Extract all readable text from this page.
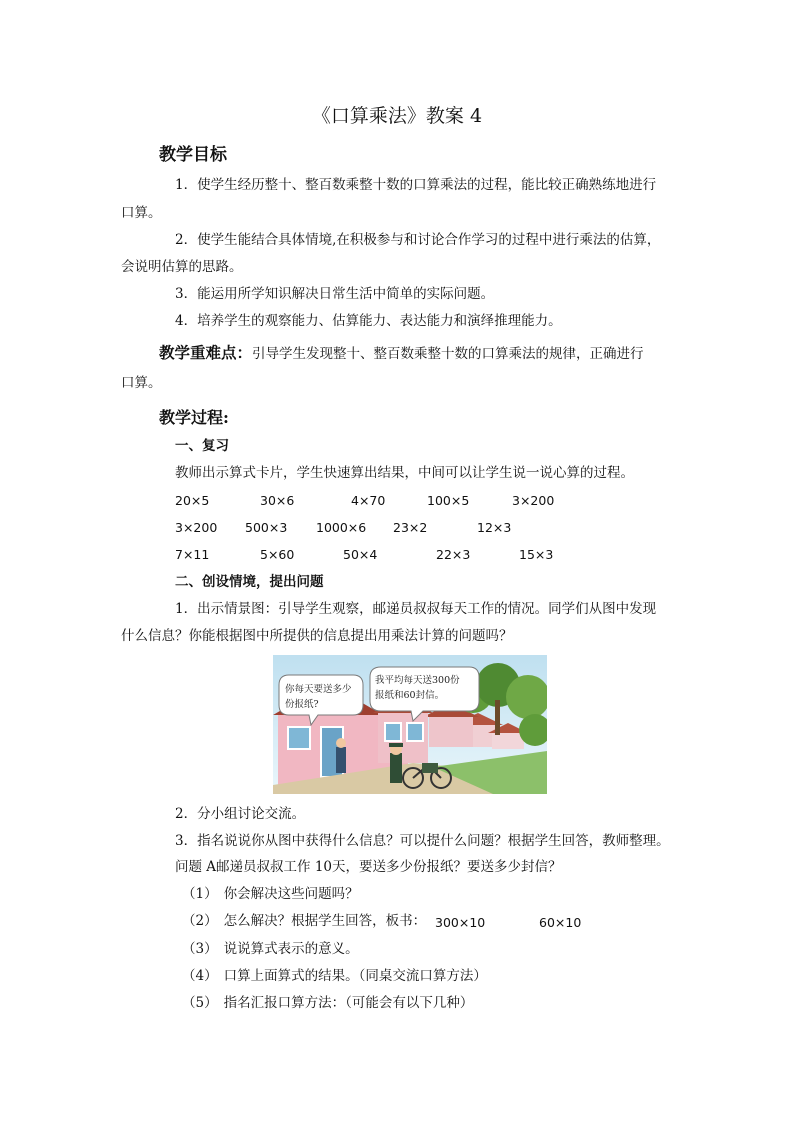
《口算乘法》教案 4
教学目标
1．使学生经历整十、整百数乘整十数的口算乘法的过程，能比较正确熟练地进行
口算。
2．使学生能结合具体情境,在积极参与和讨论合作学习的过程中进行乘法的估算，
会说明估算的思路。
3．能运用所学知识解决日常生活中简单的实际问题。
4．培养学生的观察能力、估算能力、表达能力和演绎推理能力。
教学重难点：引导学生发现整十、整百数乘整十数的口算乘法的规律，正确进行
口算。
教学过程:
一、复习
教师出示算式卡片，学生快速算出结果，中间可以让学生说一说心算的过程。
20×5	30×6	4×70	100×5	3×200
3×200 500×3 1000×6 23×2	12×3
7×11	5×60	50×4	22×3	15×3
二、创设情境，提出问题
1．出示情景图：引导学生观察，邮递员叔叔每天工作的情况。同学们从图中发现
什么信息？你能根据图中所提供的信息提出用乘法计算的问题吗？
你每天要送多少
份报纸?
我平均每天送300份
报纸和60封信。
2．分小组讨论交流。
3．指名说说你从图中获得什么信息？可以提什么问题？根据学生回答，教师整理。
问题 A邮递员叔叔工作 10天，要送多少份报纸？要送多少封信？
（1） 你会解决这些问题吗？
（2） 怎么解决？根据学生回答，板书： 300×10	60×10
（3） 说说算式表示的意义。
（4） 口算上面算式的结果。（同桌交流口算方法）
（5） 指名汇报口算方法：（可能会有以下几种）
